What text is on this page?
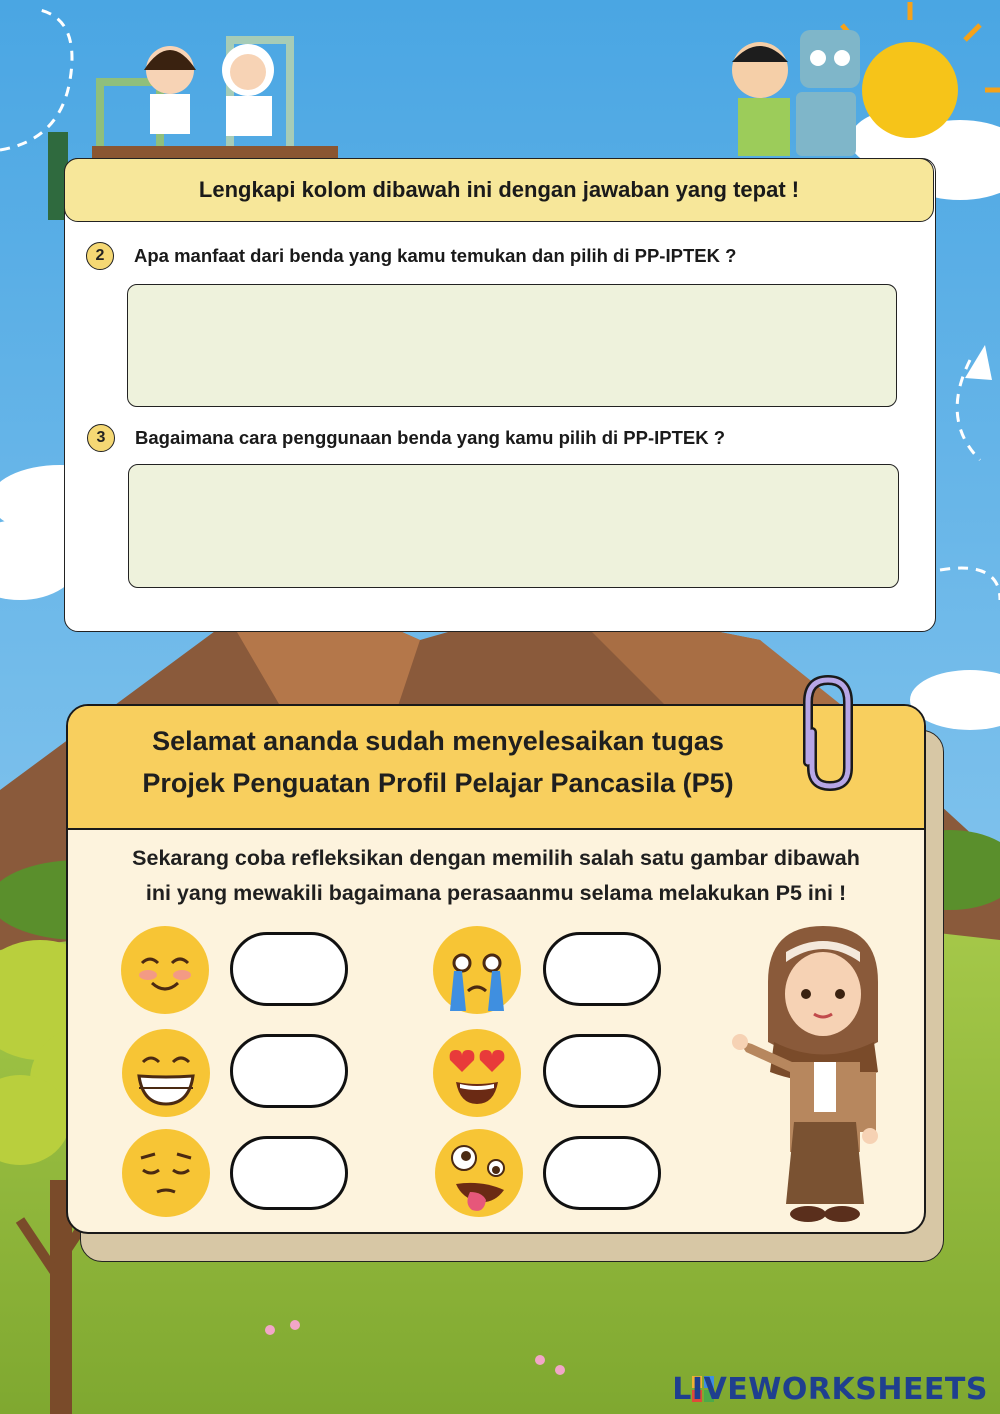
Lengkapi kolom dibawah ini dengan jawaban yang tepat !
2	Apa manfaat dari benda yang kamu temukan dan pilih di PP-IPTEK ?
3	Bagaimana cara penggunaan benda yang kamu pilih di PP-IPTEK ?
Selamat ananda sudah menyelesaikan tugas
Projek Penguatan Profil Pelajar Pancasila (P5)
Sekarang coba refleksikan dengan memilih salah satu gambar dibawah
ini yang mewakili bagaimana perasaanmu selama melakukan P5 ini !
LIVEWORKSHEETS
